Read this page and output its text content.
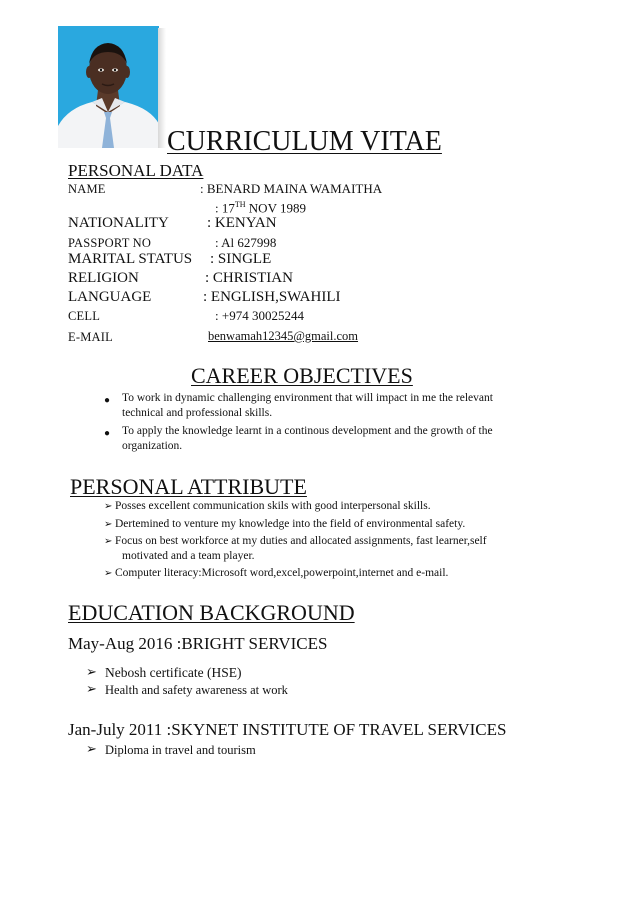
CURRICULUM VITAE
PERSONAL DATA
NAME	: BENARD MAINA WAMAITHA
: 17TH NOV 1989
NATIONALITY	: KENYAN
PASSPORT NO	: Al 627998
MARITAL STATUS : SINGLE
RELIGION	: CHRISTIAN
LANGUAGE	: ENGLISH,SWAHILI
CELL	: +974 30025244
E-MAIL	benwamah12345@gmail.com
CAREER OBJECTIVES
● To work in dynamic challenging environment that will impact in me the relevant
technical and professional skills.
● To apply the knowledge learnt in a continous development and the growth of the
organization.
PERSONAL ATTRIBUTE
➢ Posses excellent communication skils with good interpersonal skills.
➢ Dertemined to venture my knowledge into the field of environmental safety.
➢ Focus on best workforce at my duties and allocated assignments, fast learner,self
motivated and a team player.
➢ Computer literacy:Microsoft word,excel,powerpoint,internet and e-mail.
EDUCATION BACKGROUND
May-Aug 2016 :BRIGHT SERVICES
➢ Nebosh certificate (HSE)
➢ Health and safety awareness at work
Jan-July 2011 :SKYNET INSTITUTE OF TRAVEL SERVICES
➢ Diploma in travel and tourism
